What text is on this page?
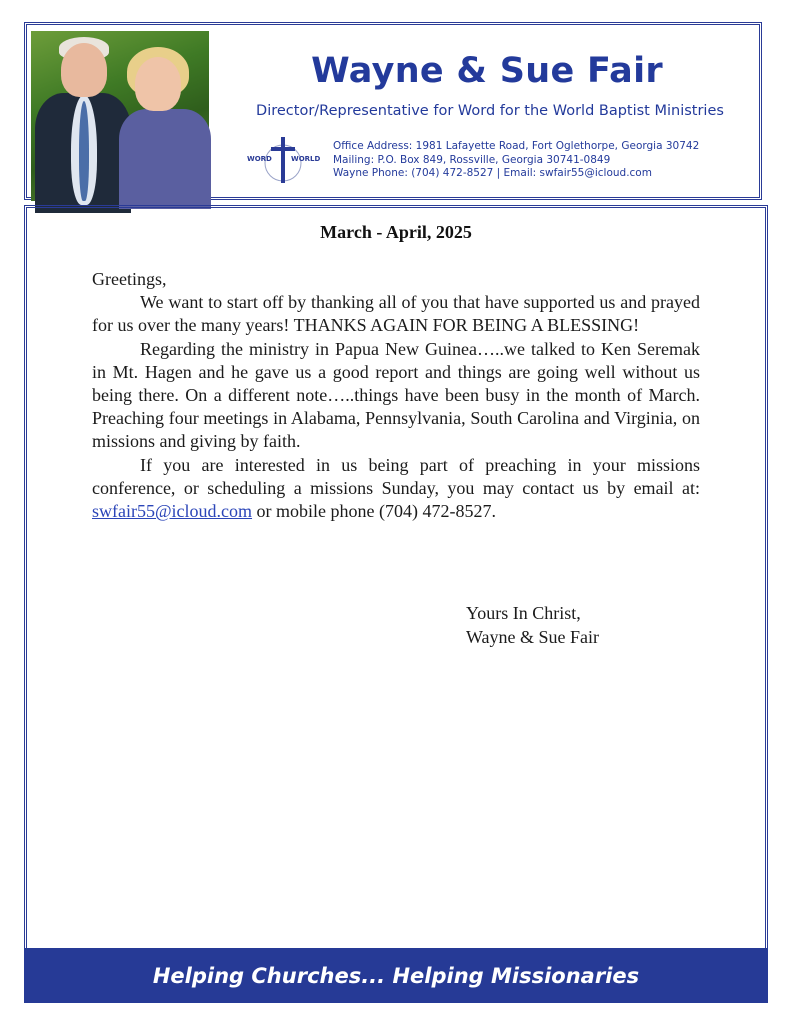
Wayne & Sue Fair
Director/Representative for Word for the World Baptist Ministries
WORD	WORLD
Office Address: 1981 Lafayette Road, Fort Oglethorpe, Georgia 30742
Mailing: P.O. Box 849, Rossville, Georgia 30741-0849
Wayne Phone: (704) 472-8527 | Email: swfair55@icloud.com
March - April, 2025

Greetings,

We want to start off by thanking all of you that have supported us and prayed for us over the many years! THANKS AGAIN FOR BEING A BLESSING!

Regarding the ministry in Papua New Guinea…..we talked to Ken Seremak in Mt. Hagen and he gave us a good report and things are going well without us being there. On a different note…..things have been busy in the month of March. Preaching four meetings in Alabama, Pennsylvania, South Carolina and Virginia, on missions and giving by faith.

If you are interested in us being part of preaching in your missions conference, or scheduling a missions Sunday, you may contact us by email at: swfair55@icloud.com or mobile phone (704) 472-8527.

Yours In Christ,
Wayne & Sue Fair
Helping Churches... Helping Missionaries
